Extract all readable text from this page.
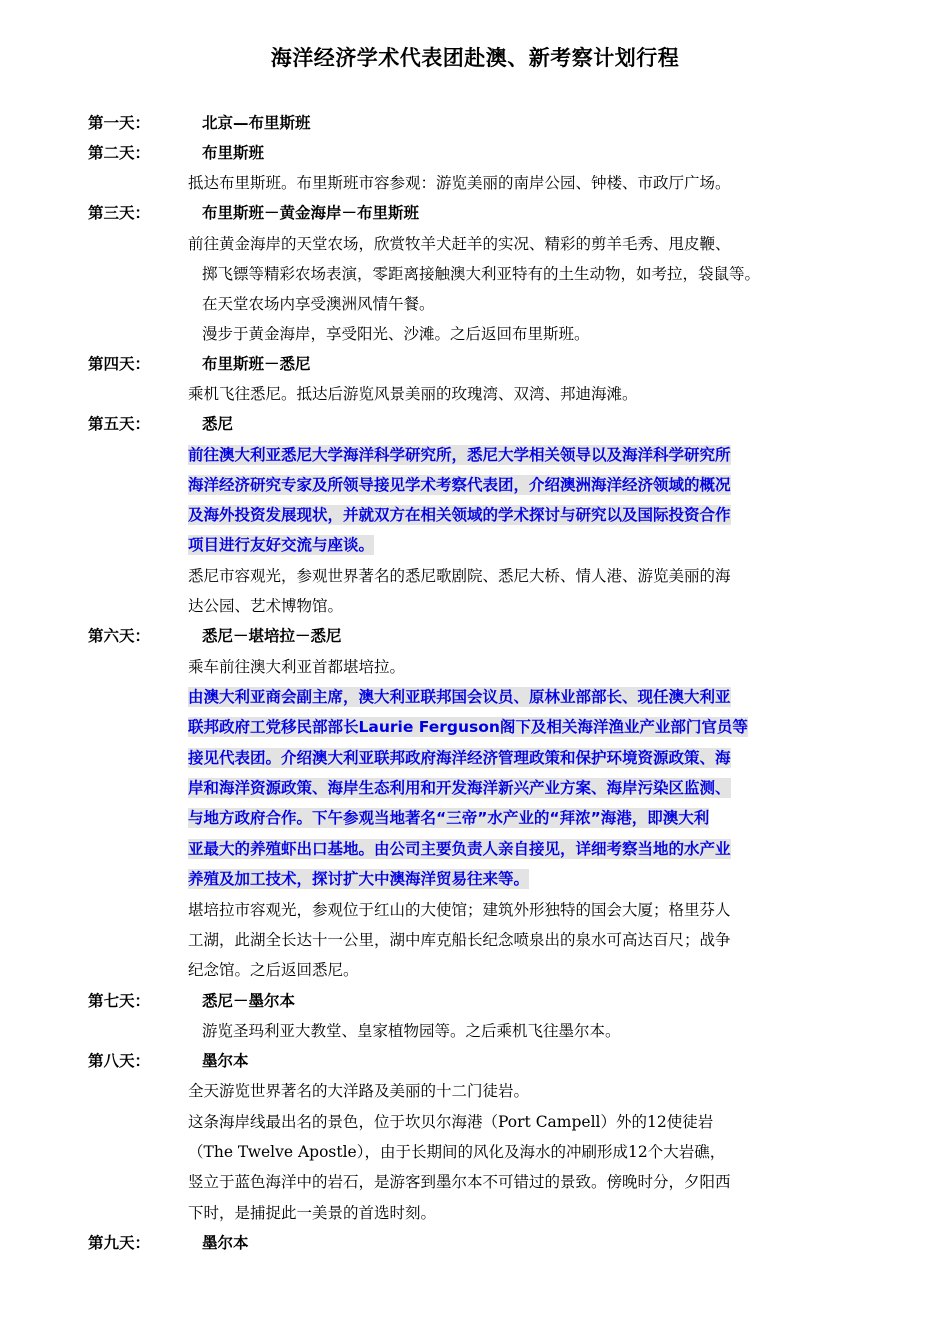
海洋经济学术代表团赴澳、新考察计划行程
第一天：	北京—布里斯班
第二天：	布里斯班
抵达布里斯班。布里斯班市容参观：游览美丽的南岸公园、钟楼、市政厅广场。
第三天：	布里斯班－黄金海岸－布里斯班
前往黄金海岸的天堂农场，欣赏牧羊犬赶羊的实况、精彩的剪羊毛秀、甩皮鞭、
掷飞镖等精彩农场表演，零距离接触澳大利亚特有的土生动物，如考拉，袋鼠等。
在天堂农场内享受澳洲风情午餐。
漫步于黄金海岸，享受阳光、沙滩。之后返回布里斯班。
第四天：	布里斯班－悉尼
乘机飞往悉尼。抵达后游览风景美丽的玫瑰湾、双湾、邦迪海滩。
第五天：	悉尼
前往澳大利亚悉尼大学海洋科学研究所，悉尼大学相关领导以及海洋科学研究所
海洋经济研究专家及所领导接见学术考察代表团，介绍澳洲海洋经济领域的概况
及海外投资发展现状，并就双方在相关领域的学术探讨与研究以及国际投资合作
项目进行友好交流与座谈。
悉尼市容观光，参观世界著名的悉尼歌剧院、悉尼大桥、情人港、游览美丽的海
达公园、艺术博物馆。
第六天：	悉尼－堪培拉－悉尼
乘车前往澳大利亚首都堪培拉。
由澳大利亚商会副主席，澳大利亚联邦国会议员、原林业部部长、现任澳大利亚
联邦政府工党移民部部长Laurie Ferguson阁下及相关海洋渔业产业部门官员等
接见代表团。介绍澳大利亚联邦政府海洋经济管理政策和保护环境资源政策、海
岸和海洋资源政策、海岸生态利用和开发海洋新兴产业方案、海岸污染区监测、
与地方政府合作。下午参观当地著名“三帝”水产业的“拜浓”海港，即澳大利
亚最大的养殖虾出口基地。由公司主要负责人亲自接见，详细考察当地的水产业
养殖及加工技术，探讨扩大中澳海洋贸易往来等。
堪培拉市容观光，参观位于红山的大使馆；建筑外形独特的国会大厦；格里芬人
工湖，此湖全长达十一公里，湖中库克船长纪念喷泉出的泉水可高达百尺；战争
纪念馆。之后返回悉尼。
第七天：	悉尼－墨尔本
游览圣玛利亚大教堂、皇家植物园等。之后乘机飞往墨尔本。
第八天：	墨尔本
全天游览世界著名的大洋路及美丽的十二门徒岩。
这条海岸线最出名的景色，位于坎贝尔海港（Port Campell）外的12使徒岩
（The Twelve Apostle），由于长期间的风化及海水的冲刷形成12个大岩礁，
竖立于蓝色海洋中的岩石，是游客到墨尔本不可错过的景致。傍晚时分，夕阳西
下时，是捕捉此一美景的首选时刻。
第九天：	墨尔本
